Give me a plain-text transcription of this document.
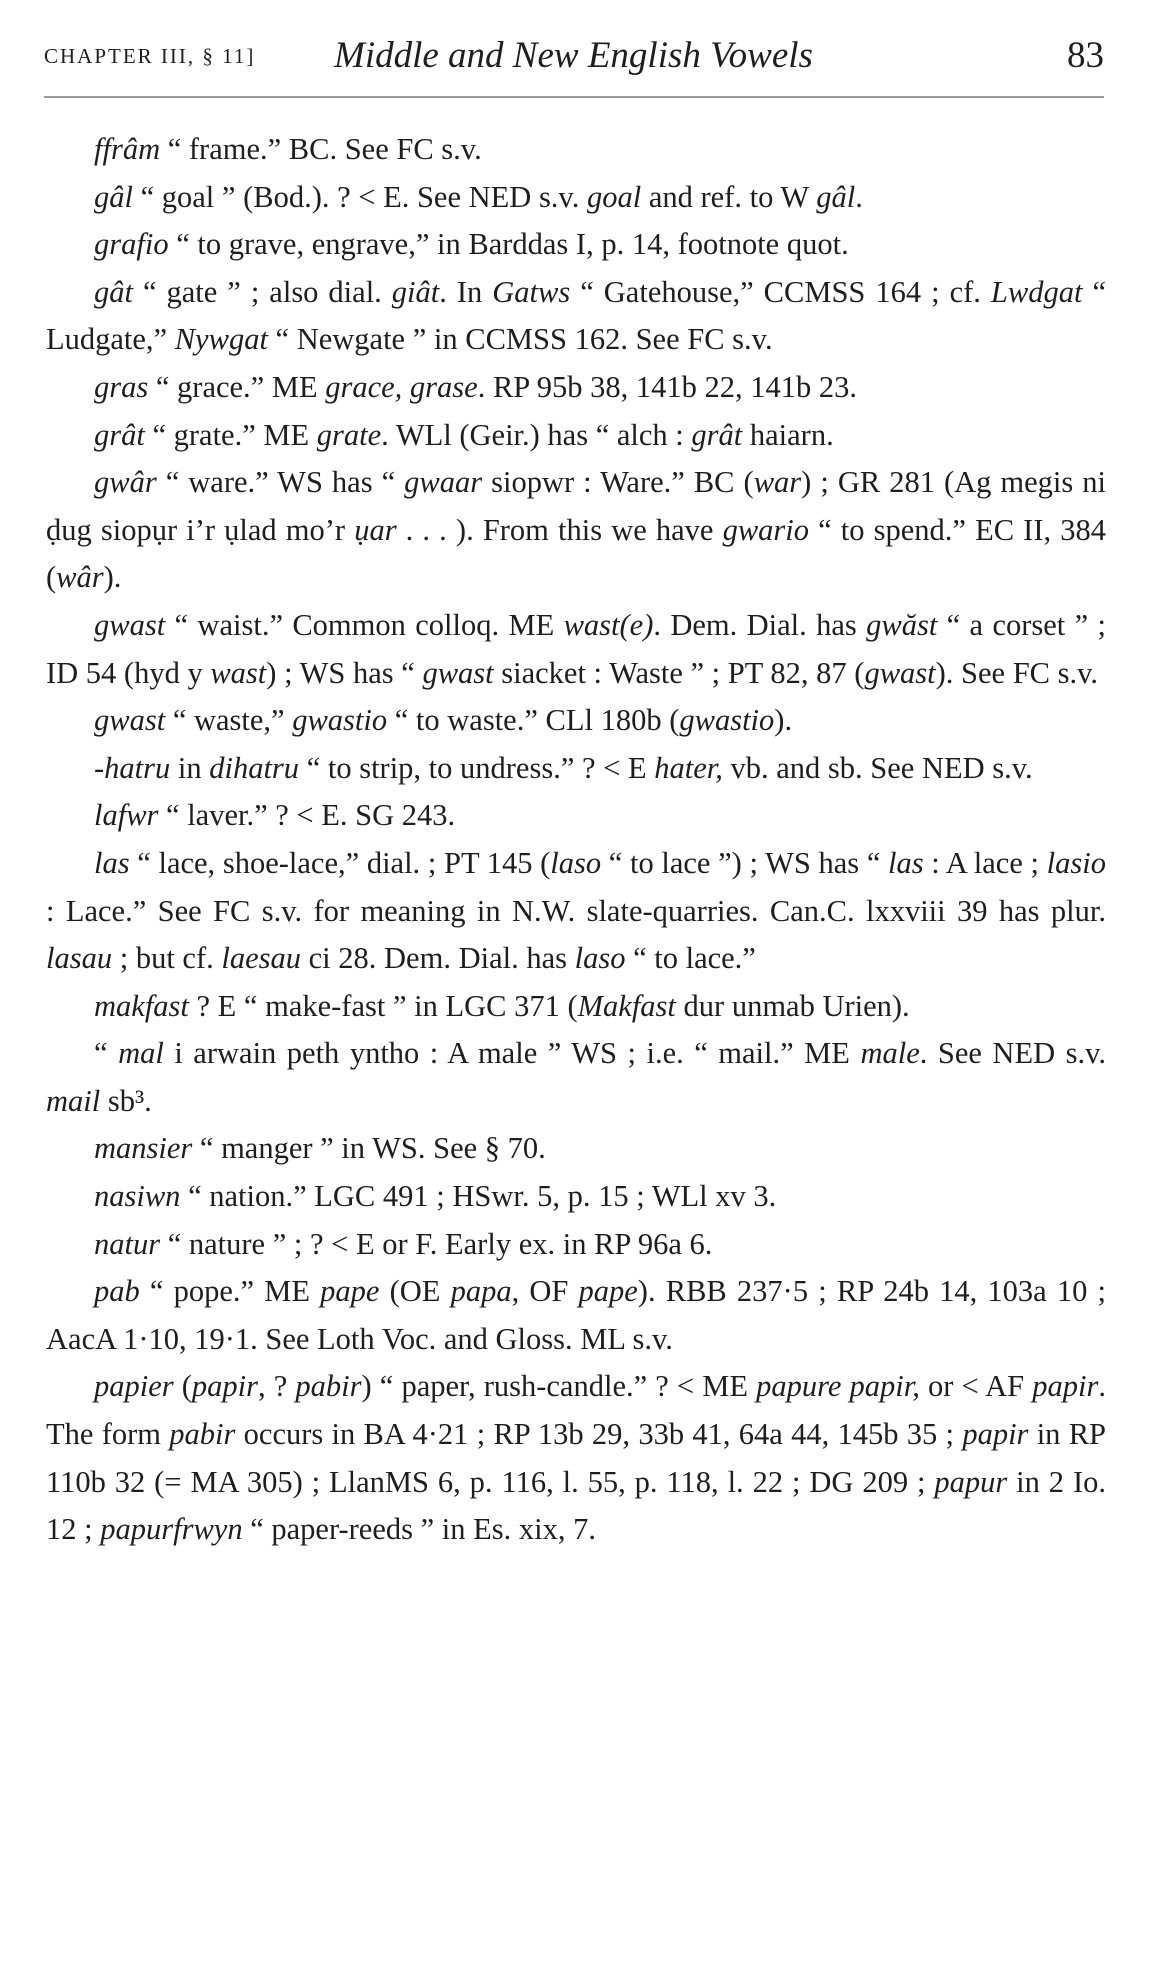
CHAPTER III, § 11] Middle and New English Vowels	83

ffrâm “ frame.” BC. See FC s.v.

gâl “ goal ” (Bod.). ? < E. See NED s.v. goal and ref. to W gâl.

grafio “ to grave, engrave,” in Barddas I, p. 14, footnote quot.

gât “ gate ” ; also dial. giât. In Gatws “ Gatehouse,” CCMSS 164 ; cf. Lwdgat “ Ludgate,” Nywgat “ Newgate ” in CCMSS 162. See FC s.v.

gras “ grace.” ME grace, grase. RP 95b 38, 141b 22, 141b 23.

grât “ grate.” ME grate. WLl (Geir.) has “ alch : grât haiarn.

gwâr “ ware.” WS has “ gwaar siopwr : Ware.” BC (war) ; GR 281 (Ag megis ni ḍug siopụr i’r ụlad mo’r ụar . . . ). From this we have gwario “ to spend.” EC II, 384 (wâr).

gwast “ waist.” Common colloq. ME wast(e). Dem. Dial. has gwăst “ a corset ” ; ID 54 (hyd y wast) ; WS has “ gwast siacket : Waste ” ; PT 82, 87 (gwast). See FC s.v.

gwast “ waste,” gwastio “ to waste.” CLl 180b (gwastio).

-hatru in dihatru “ to strip, to undress.” ? < E hater, vb. and sb. See NED s.v.

lafwr “ laver.” ? < E. SG 243.

las “ lace, shoe-lace,” dial. ; PT 145 (laso “ to lace ”) ; WS has “ las : A lace ; lasio : Lace.” See FC s.v. for meaning in N.W. slate-quarries. Can.C. lxxviii 39 has plur. lasau ; but cf. laesau ci 28. Dem. Dial. has laso “ to lace.”

makfast ? E “ make-fast ” in LGC 371 (Makfast dur unmab Urien).

“ mal i arwain peth yntho : A male ” WS ; i.e. “ mail.” ME male. See NED s.v. mail sb³.

mansier “ manger ” in WS. See § 70.

nasiwn “ nation.” LGC 491 ; HSwr. 5, p. 15 ; WLl xv 3.

natur “ nature ” ; ? < E or F. Early ex. in RP 96a 6.

pab “ pope.” ME pape (OE papa, OF pape). RBB 237·5 ; RP 24b 14, 103a 10 ; AacA 1·10, 19·1. See Loth Voc. and Gloss. ML s.v.

papier (papir, ? pabir) “ paper, rush-candle.” ? < ME papure papir, or < AF papir. The form pabir occurs in BA 4·21 ; RP 13b 29, 33b 41, 64a 44, 145b 35 ; papir in RP 110b 32 (= MA 305) ; LlanMS 6, p. 116, l. 55, p. 118, l. 22 ; DG 209 ; papur in 2 Io. 12 ; papurfrwyn “ paper-reeds ” in Es. xix, 7.
